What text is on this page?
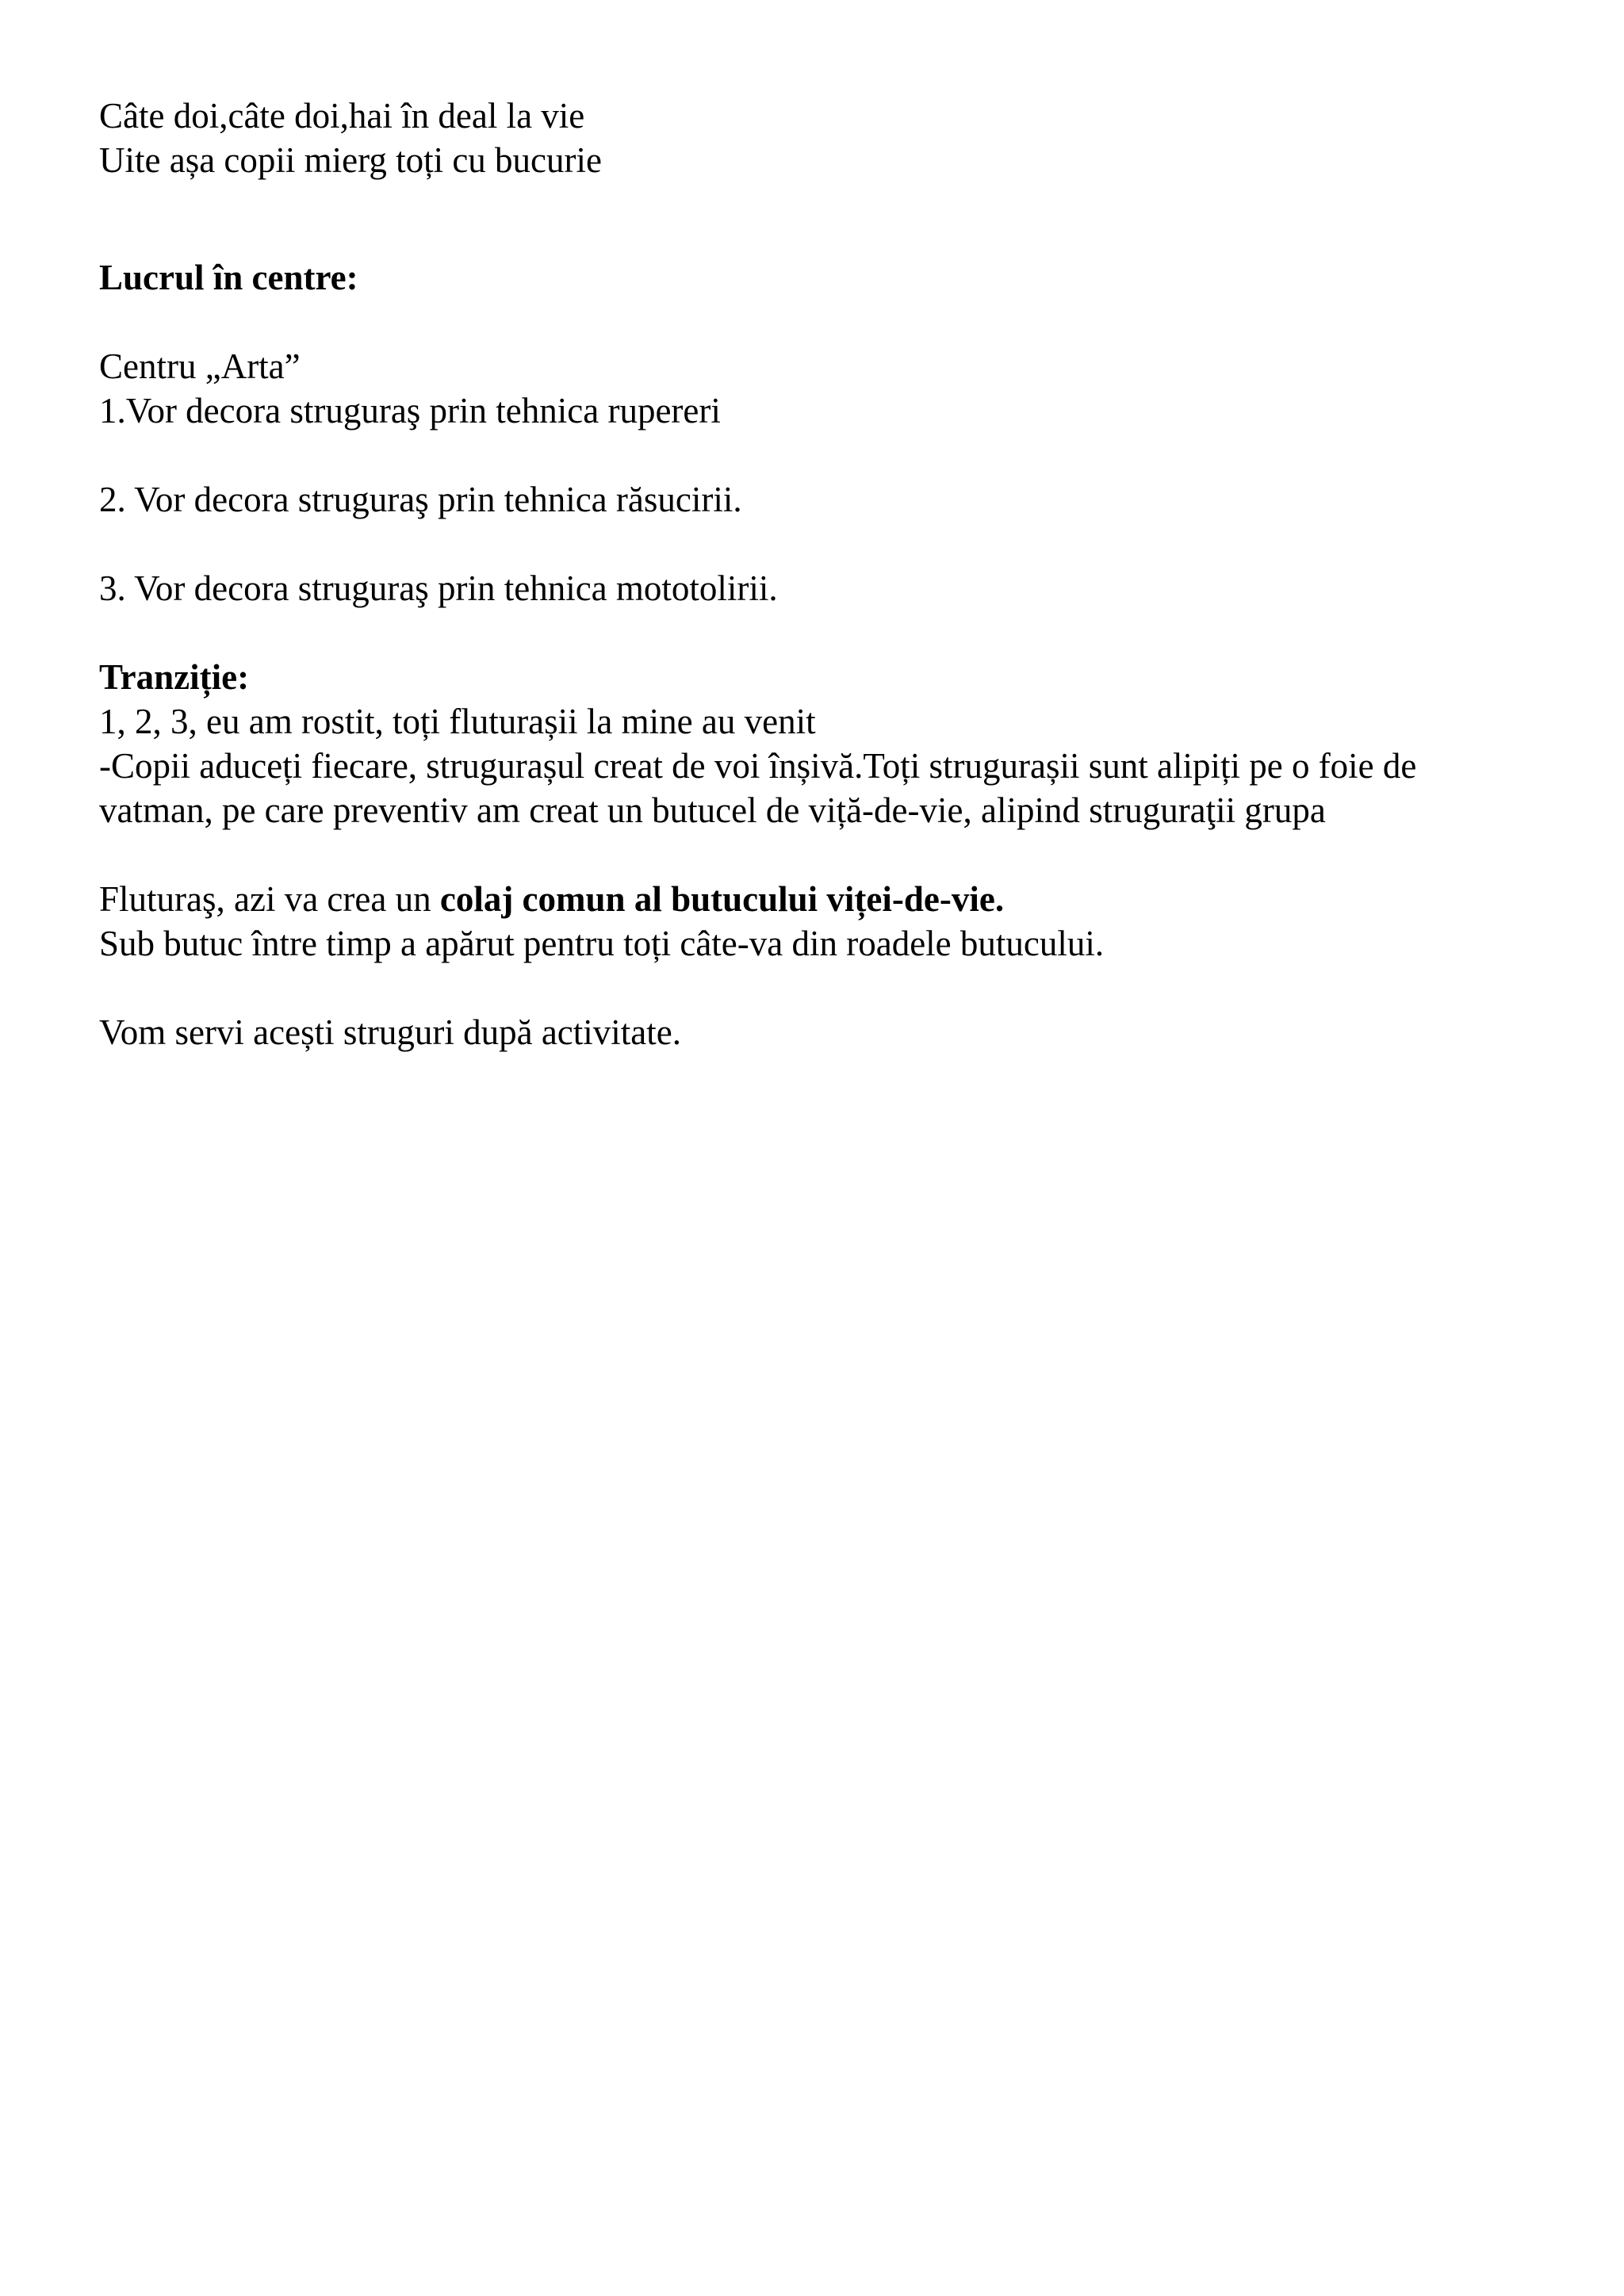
Câte doi,câte doi,hai în deal la vie
Uite așa copii mierg toți cu bucurie
Lucrul în centre:
Centru „Arta”
1.Vor decora struguraş prin tehnica rupereri
2. Vor decora struguraş prin tehnica răsucirii.
3. Vor decora struguraş prin tehnica mototolirii.
Tranziție:
1, 2, 3, eu am rostit, toți fluturașii la mine au venit
-Copii aduceți fiecare, strugurașul creat de voi înșivă.Toți strugurașii sunt alipiți pe o foie de
vatman, pe care preventiv am creat un butucel de viță-de-vie, alipind struguraţii grupa
Fluturaş, azi va crea un colaj comun al butucului viței-de-vie.
Sub butuc între timp a apărut pentru toți câte-va din roadele butucului.
Vom servi acești struguri după activitate.
